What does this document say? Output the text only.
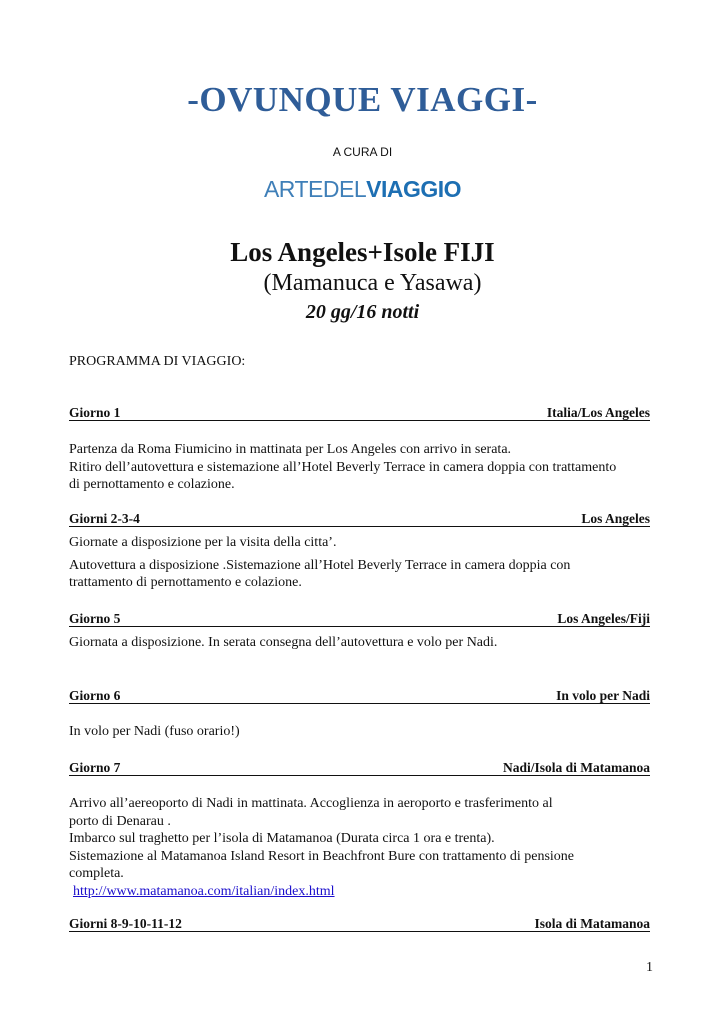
-OVUNQUE VIAGGI-
A CURA DI
ARTEDELVIAGGIO
Los Angeles+Isole FIJI
(Mamanuca e Yasawa)
20 gg/16 notti
PROGRAMMA DI VIAGGIO:
Giorno 1	Italia/Los Angeles

Partenza da Roma Fiumicino in mattinata per Los Angeles con arrivo in serata.

Ritiro dell’autovettura e sistemazione all’Hotel Beverly Terrace in camera doppia con trattamento

di pernottamento e colazione.

Giorni 2-3-4	Los Angeles

Giornate a disposizione per la visita della citta’.

Autovettura a disposizione .Sistemazione all’Hotel Beverly Terrace in camera doppia con

trattamento di pernottamento e colazione.

Giorno 5	Los Angeles/Fiji

Giornata a disposizione. In serata consegna dell’autovettura e volo per Nadi.

Giorno 6	In volo per Nadi

In volo per Nadi (fuso orario!)

Giorno 7	Nadi/Isola di Matamanoa

Arrivo all’aereoporto di Nadi in mattinata. Accoglienza in aeroporto e trasferimento al

porto di Denarau .

Imbarco sul traghetto per l’isola di Matamanoa (Durata circa 1 ora e trenta).

Sistemazione al Matamanoa Island Resort in Beachfront Bure con trattamento di pensione

completa.

http://www.matamanoa.com/italian/index.html

Giorni 8-9-10-11-12	Isola di Matamanoa
1
